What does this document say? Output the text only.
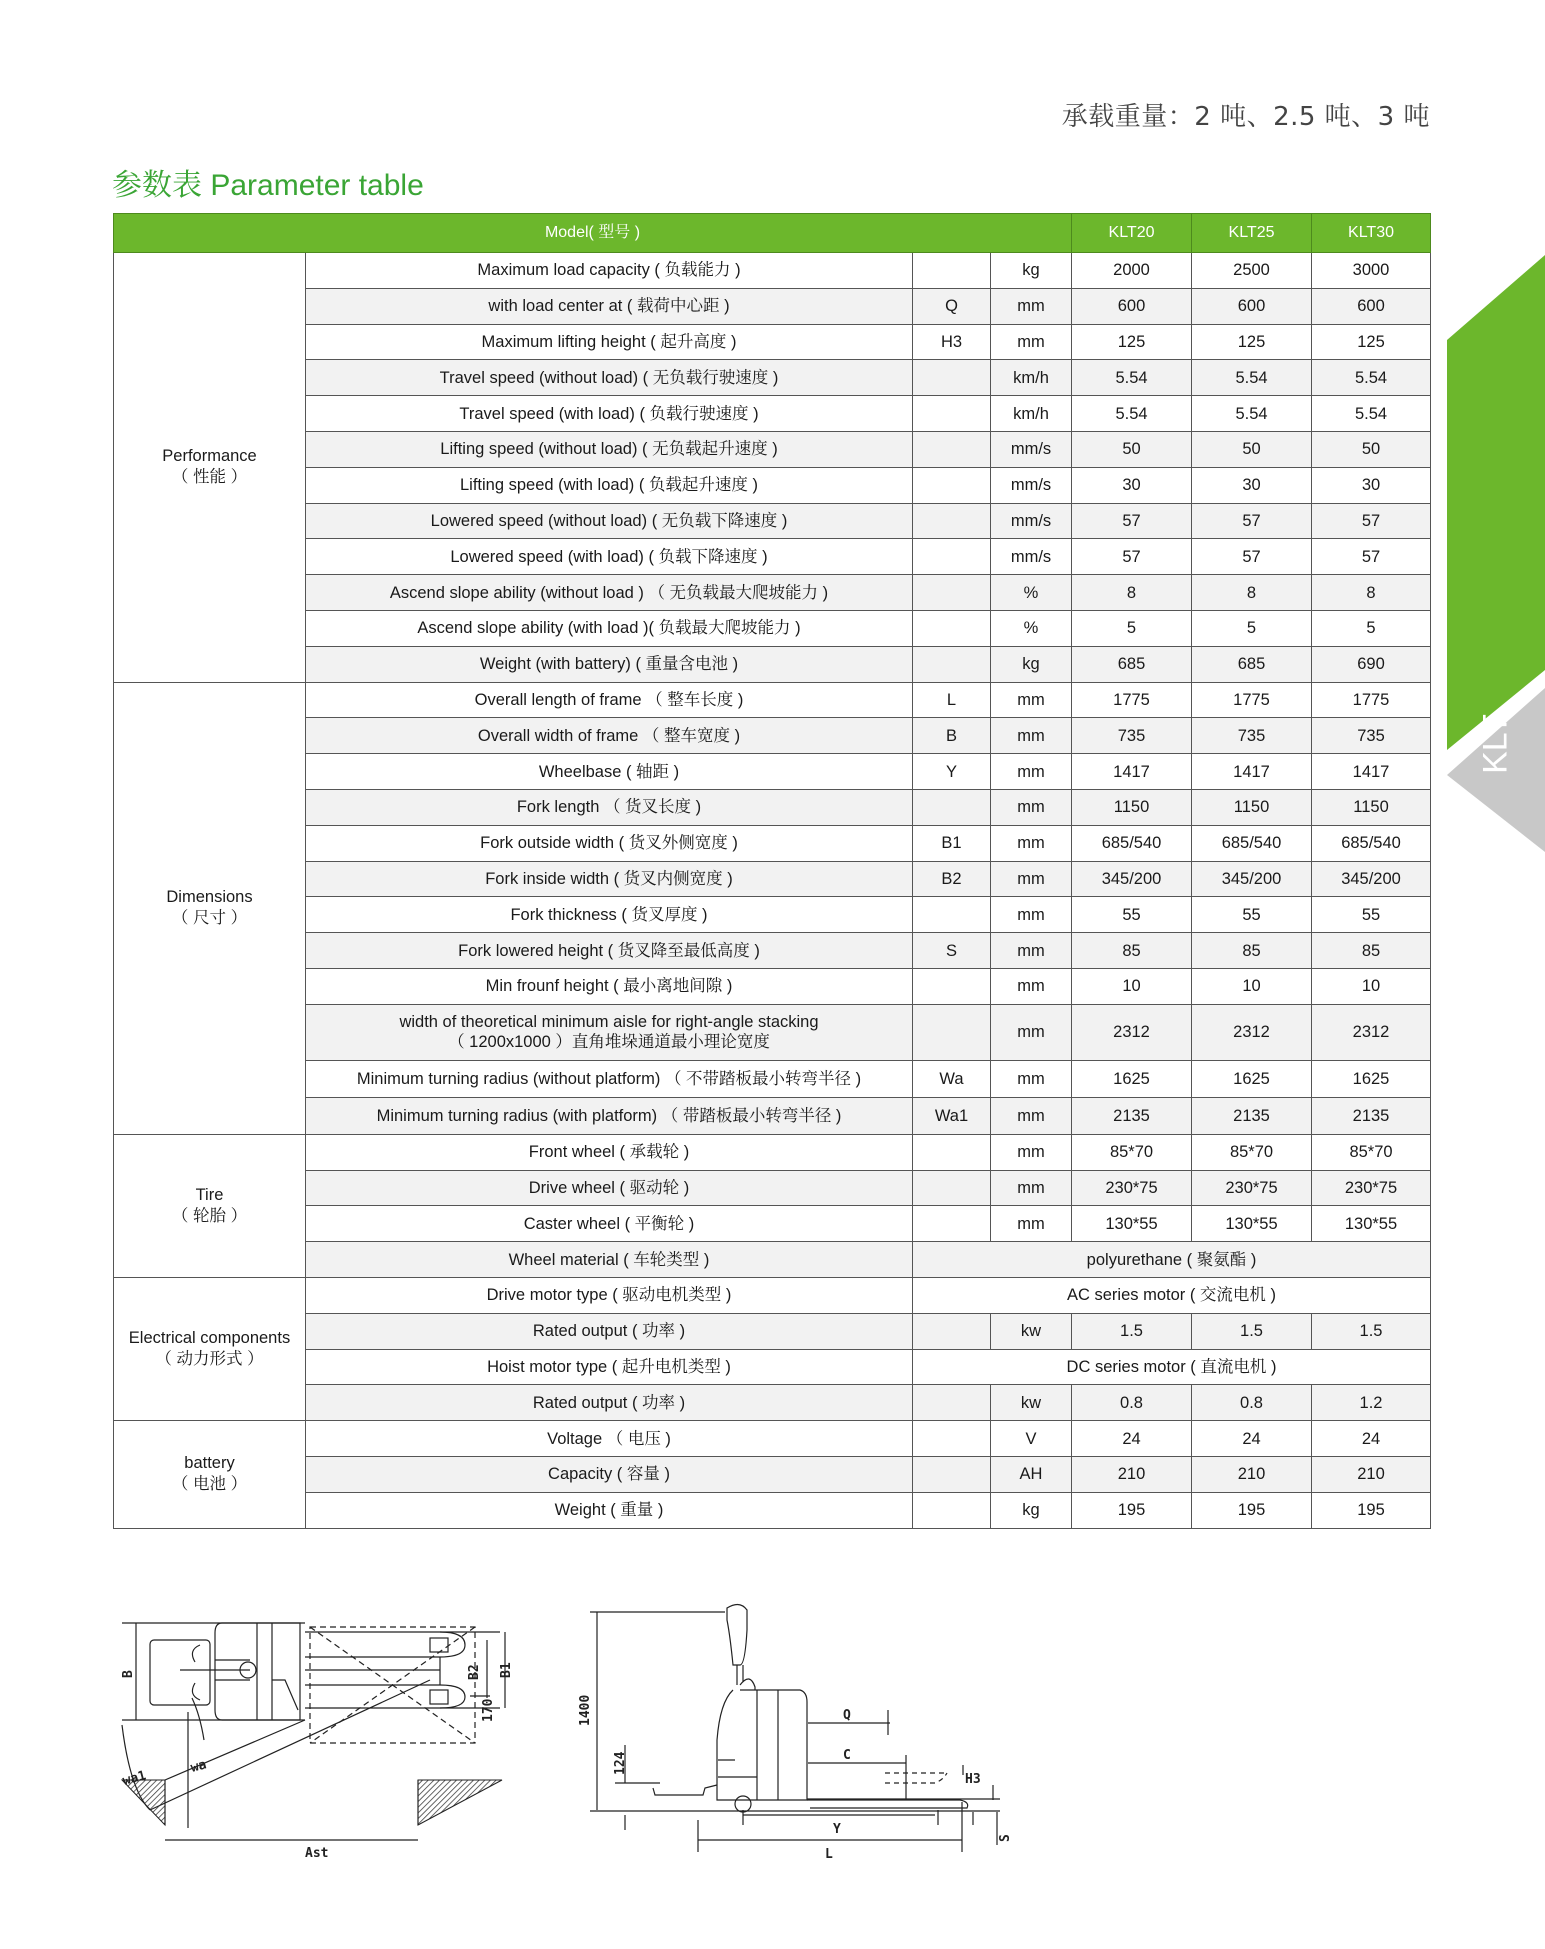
承载重量：2 吨、2.5 吨、3 吨
参数表 Parameter table
Model( 型号 )				KLT20	KLT25	KLT30

Performance
（ 性能 ）	Maximum load capacity ( 负载能力 )		kg	2000	2500	3000
	with load center at ( 载荷中心距 )	Q	mm	600	600	600
	Maximum lifting height ( 起升高度 )	H3	mm	125	125	125
	Travel speed (without load) ( 无负载行驶速度 )		km/h	5.54	5.54	5.54
	Travel speed (with load) ( 负载行驶速度 )		km/h	5.54	5.54	5.54
	Lifting speed (without load) ( 无负载起升速度 )		mm/s	50	50	50
	Lifting speed (with load) ( 负载起升速度 )		mm/s	30	30	30
	Lowered speed (without load) ( 无负载下降速度 )		mm/s	57	57	57
	Lowered speed (with load) ( 负载下降速度 )		mm/s	57	57	57
	Ascend slope ability (without load ) （ 无负载最大爬坡能力 )		%	8	8	8
	Ascend slope ability (with load )( 负载最大爬坡能力 )		%	5	5	5
	Weight (with battery) ( 重量含电池 )		kg	685	685	690

Dimensions
（ 尺寸 ）	Overall length of frame （ 整车长度 )	L	mm	1775	1775	1775
	Overall width of frame （ 整车宽度 )	B	mm	735	735	735
	Wheelbase ( 轴距 )	Y	mm	1417	1417	1417
	Fork length （ 货叉长度 )		mm	1150	1150	1150
	Fork outside width ( 货叉外侧宽度 )	B1	mm	685/540	685/540	685/540
	Fork inside width ( 货叉内侧宽度 )	B2	mm	345/200	345/200	345/200
	Fork thickness ( 货叉厚度 )		mm	55	55	55
	Fork lowered height ( 货叉降至最低高度 )	S	mm	85	85	85
	Min frounf height ( 最小离地间隙 )		mm	10	10	10

	width of theoretical minimum aisle for right-angle stacking
（ 1200x1000 ）直角堆垛通道最小理论宽度		mm	2312	2312	2312
	Minimum turning radius (without platform) （ 不带踏板最小转弯半径 )	Wa	mm	1625	1625	1625
	Minimum turning radius (with platform) （ 带踏板最小转弯半径 )	Wa1	mm	2135	2135	2135

Tire
（ 轮胎 ）	Front wheel ( 承载轮 )		mm	85*70	85*70	85*70
	Drive wheel ( 驱动轮 )		mm	230*75	230*75	230*75
	Caster wheel ( 平衡轮 )		mm	130*55	130*55	130*55
	Wheel material ( 车轮类型 )	polyurethane ( 聚氨酯 )				

Electrical components
（ 动力形式 ）	Drive motor type ( 驱动电机类型 )	AC series motor ( 交流电机 )				
	Rated output ( 功率 )		kw	1.5	1.5	1.5
	Hoist motor type ( 起升电机类型 )	DC series motor ( 直流电机 )				
	Rated output ( 功率 )		kw	0.8	0.8	1.2

battery
（ 电池 ）	Voltage （ 电压 )		V	24	24	24
	Capacity ( 容量 )		AH	210	210	210
	Weight ( 重量 )		kg	195	195	195
KLT
B	B2 B1
170
wa1
wa
Ast
1400
124
Q
C
H3
Y
L
S
